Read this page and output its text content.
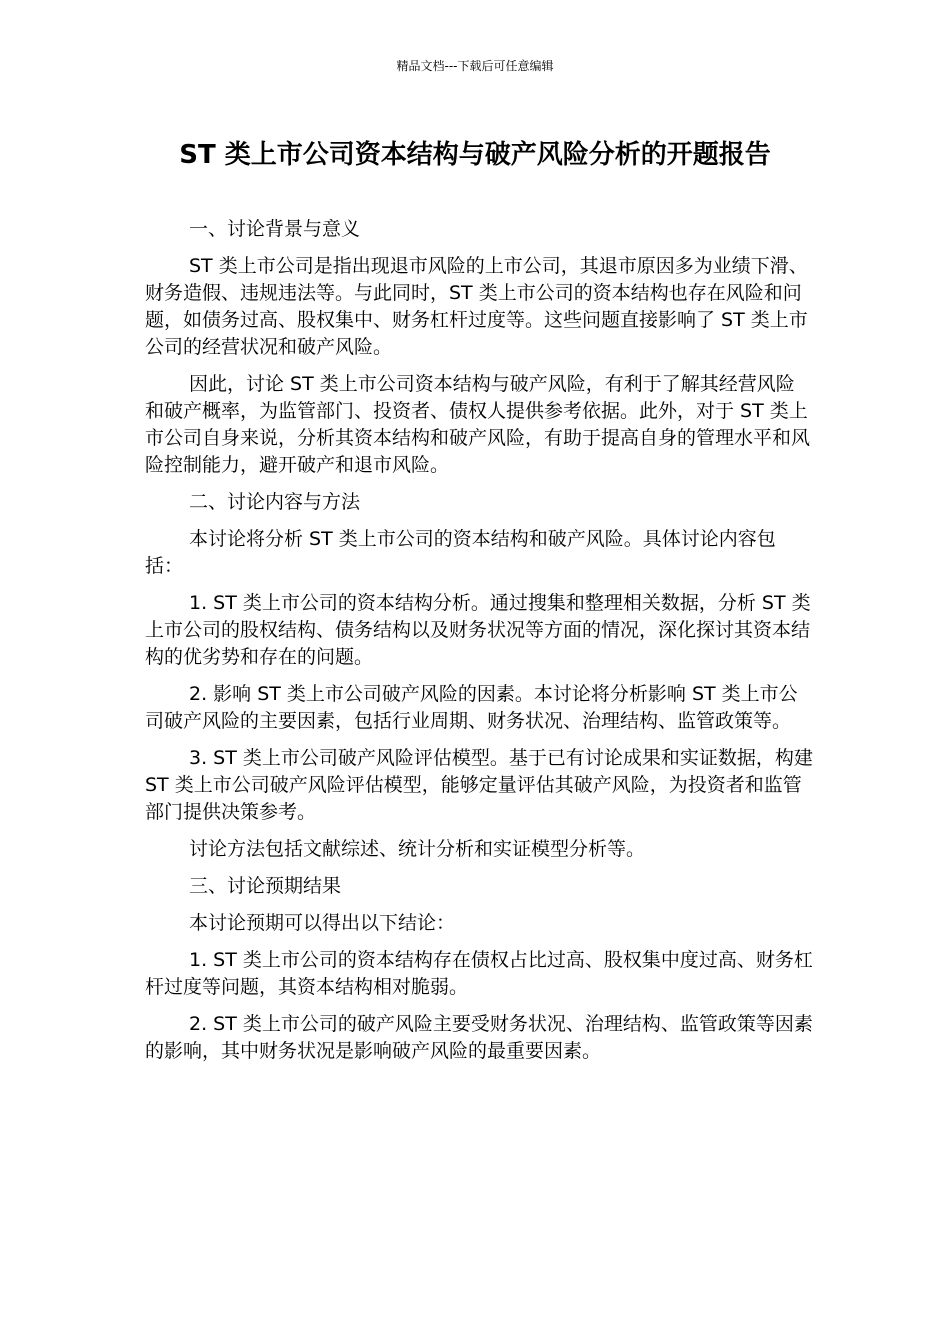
精品文档---下载后可任意编辑
ST 类上市公司资本结构与破产风险分析的开题报告

一、讨论背景与意义

ST 类上市公司是指出现退市风险的上市公司，其退市原因多为业绩下滑、财务造假、违规违法等。与此同时，ST 类上市公司的资本结构也存在风险和问题，如债务过高、股权集中、财务杠杆过度等。这些问题直接影响了 ST 类上市公司的经营状况和破产风险。

因此，讨论 ST 类上市公司资本结构与破产风险，有利于了解其经营风险和破产概率，为监管部门、投资者、债权人提供参考依据。此外，对于 ST 类上市公司自身来说，分析其资本结构和破产风险，有助于提高自身的管理水平和风险控制能力，避开破产和退市风险。

二、讨论内容与方法

本讨论将分析 ST 类上市公司的资本结构和破产风险。具体讨论内容包括：

1. ST 类上市公司的资本结构分析。通过搜集和整理相关数据，分析 ST 类上市公司的股权结构、债务结构以及财务状况等方面的情况，深化探讨其资本结构的优劣势和存在的问题。

2. 影响 ST 类上市公司破产风险的因素。本讨论将分析影响 ST 类上市公司破产风险的主要因素，包括行业周期、财务状况、治理结构、监管政策等。

3. ST 类上市公司破产风险评估模型。基于已有讨论成果和实证数据，构建 ST 类上市公司破产风险评估模型，能够定量评估其破产风险，为投资者和监管部门提供决策参考。

讨论方法包括文献综述、统计分析和实证模型分析等。

三、讨论预期结果

本讨论预期可以得出以下结论：

1. ST 类上市公司的资本结构存在债权占比过高、股权集中度过高、财务杠杆过度等问题，其资本结构相对脆弱。

2. ST 类上市公司的破产风险主要受财务状况、治理结构、监管政策等因素的影响，其中财务状况是影响破产风险的最重要因素。
